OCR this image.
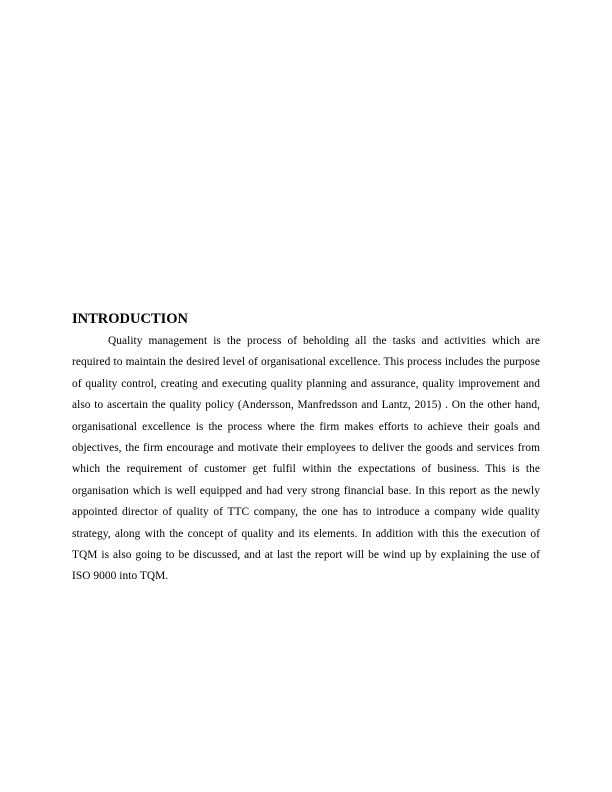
INTRODUCTION

Quality management is the process of beholding all the tasks and activities which are required to maintain the desired level of organisational excellence. This process includes the purpose of quality control, creating and executing quality planning and assurance, quality improvement and also to ascertain the quality policy (Andersson, Manfredsson and Lantz, 2015) . On the other hand, organisational excellence is the process where the firm makes efforts to achieve their goals and objectives, the firm encourage and motivate their employees to deliver the goods and services from which the requirement of customer get fulfil within the expectations of business. This is the organisation which is well equipped and had very strong financial base. In this report as the newly appointed director of quality of TTC company, the one has to introduce a company wide quality strategy, along with the concept of quality and its elements. In addition with this the execution of TQM is also going to be discussed, and at last the report will be wind up by explaining the use of ISO 9000 into TQM.
